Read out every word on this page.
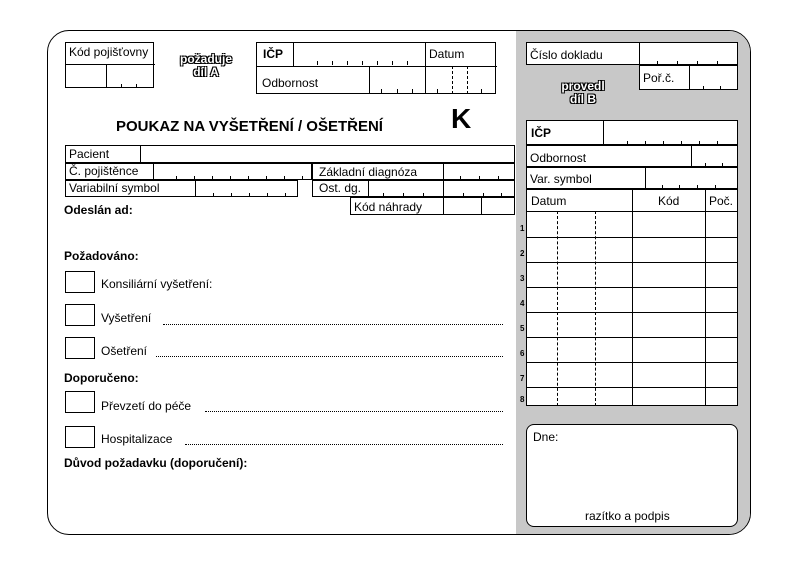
Kód pojišťovny	požaduje
díl A
IČP	Datum
Odbornost
POUKAZ NA VYŠETŘENÍ / OŠETŘENÍ K
Pacient
Č. pojištěnce	Základní diagnóza
Variabilní symbol	Ost. dg.
Kód náhrady
Odeslán ad:
Požadováno:
Konsiliární vyšetření:
Vyšetření
Ošetření
Doporučeno:
Převzetí do péče
Hospitalizace
Důvod požadavku (doporučení):
Číslo dokladu
Poř.č.
provedl
díl B
IČP
Odbornost
Var. symbol
Datum	Kód Poč.
1
2
3
4
5
6
7
8
Dne:
razítko a podpis
